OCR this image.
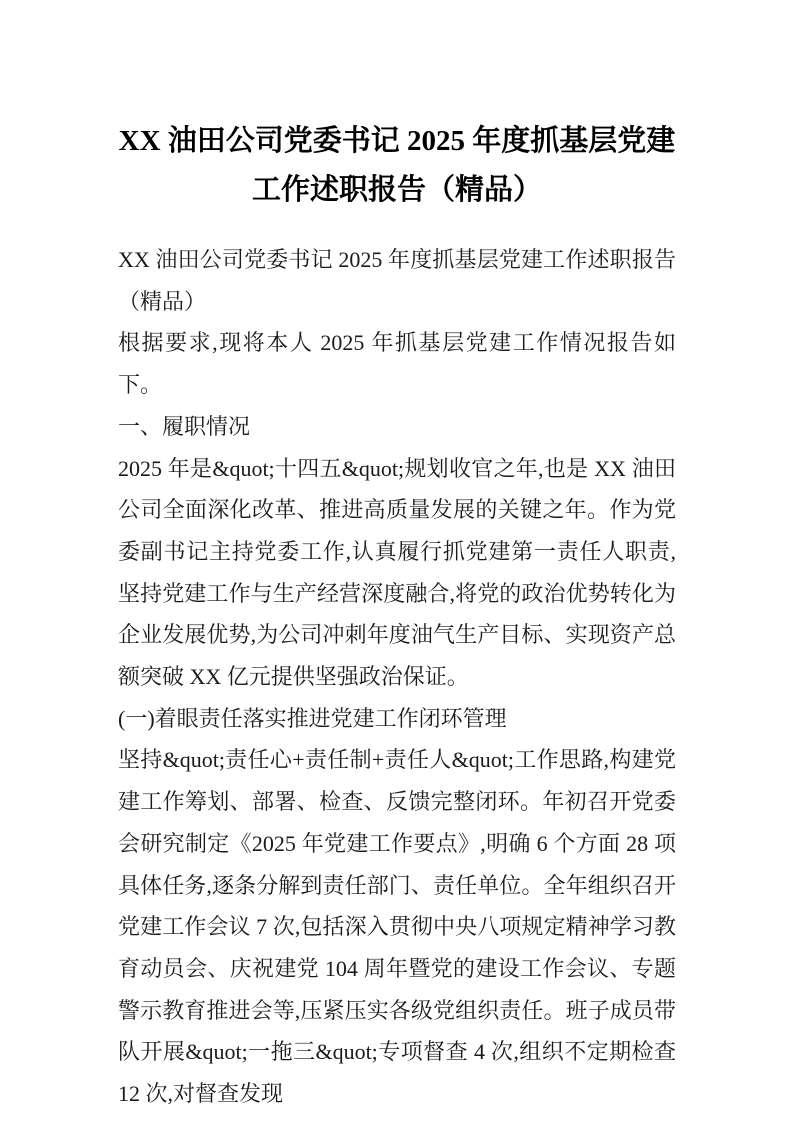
XX 油田公司党委书记 2025 年度抓基层党建工作述职报告（精品）

XX 油田公司党委书记 2025 年度抓基层党建工作述职报告（精品）

根据要求,现将本人 2025 年抓基层党建工作情况报告如下。

一、履职情况

2025 年是&quot;十四五&quot;规划收官之年,也是 XX 油田公司全面深化改革、推进高质量发展的关键之年。作为党委副书记主持党委工作,认真履行抓党建第一责任人职责,坚持党建工作与生产经营深度融合,将党的政治优势转化为企业发展优势,为公司冲刺年度油气生产目标、实现资产总额突破 XX 亿元提供坚强政治保证。

(一)着眼责任落实推进党建工作闭环管理

坚持&quot;责任心+责任制+责任人&quot;工作思路,构建党建工作筹划、部署、检查、反馈完整闭环。年初召开党委会研究制定《2025 年党建工作要点》,明确 6 个方面 28 项具体任务,逐条分解到责任部门、责任单位。全年组织召开党建工作会议 7 次,包括深入贯彻中央八项规定精神学习教育动员会、庆祝建党 104 周年暨党的建设工作会议、专题警示教育推进会等,压紧压实各级党组织责任。班子成员带队开展&quot;一拖三&quot;专项督查 4 次,组织不定期检查 12 次,对督查发现
